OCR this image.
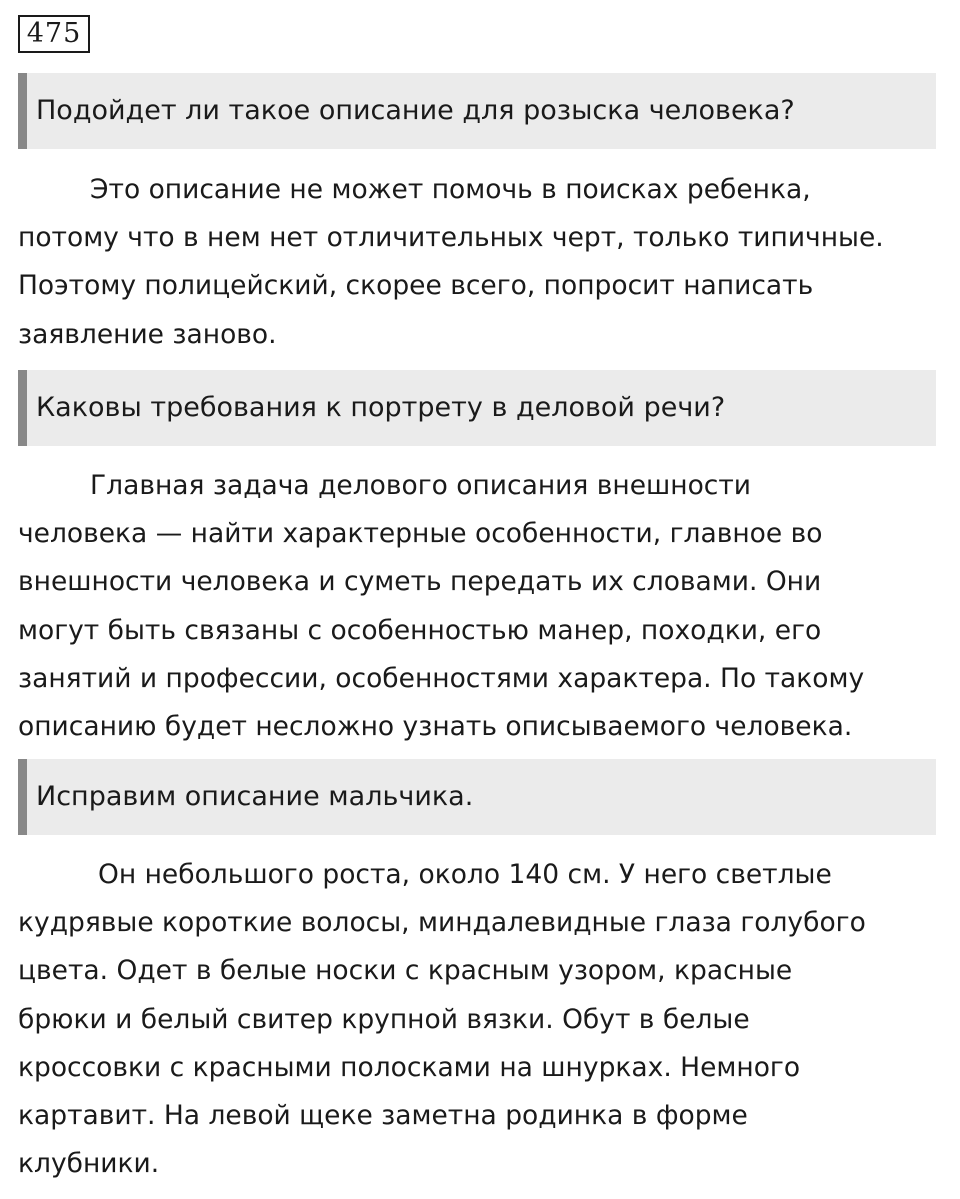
475
Подойдет ли такое описание для розыска человека?
Это описание не может помочь в поисках ребенка,
потому что в нем нет отличительных черт, только типичные.
Поэтому полицейский, скорее всего, попросит написать
заявление заново.
Каковы требования к портрету в деловой речи?
Главная задача делового описания внешности
человека — найти характерные особенности, главное во
внешности человека и суметь передать их словами. Они
могут быть связаны с особенностью манер, походки, его
занятий и профессии, особенностями характера. По такому
описанию будет несложно узнать описываемого человека.
Исправим описание мальчика.
Он небольшого роста, около 140 см. У него светлые
кудрявые короткие волосы, миндалевидные глаза голубого
цвета. Одет в белые носки с красным узором, красные
брюки и белый свитер крупной вязки. Обут в белые
кроссовки с красными полосками на шнурках. Немного
картавит. На левой щеке заметна родинка в форме
клубники.
